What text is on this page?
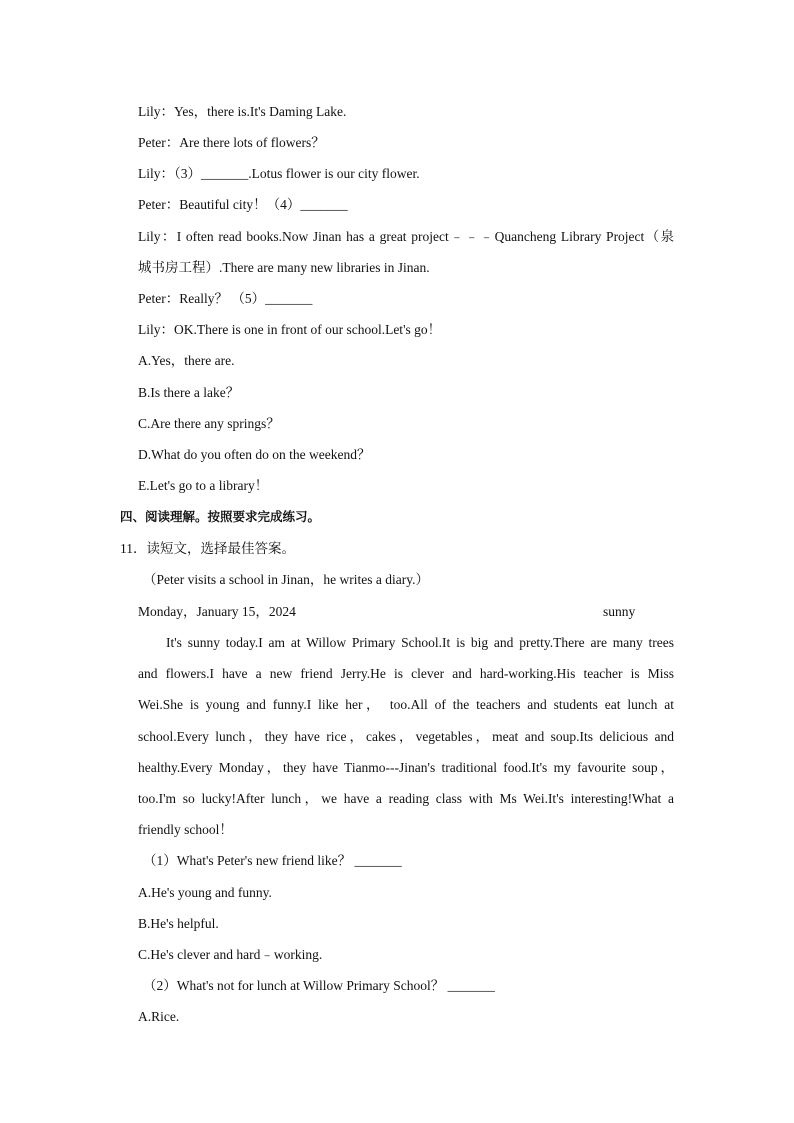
Lily：Yes，there is.It's Daming Lake.
Peter：Are there lots of flowers？
Lily：（3）_______.Lotus flower is our city flower.
Peter：Beautiful city！（4）_______
Lily：I often read books.Now Jinan has a great project﹣﹣﹣Quancheng Library Project（泉
城书房工程）.There are many new libraries in Jinan.
Peter：Really？ （5）_______
Lily：OK.There is one in front of our school.Let's go！
A.Yes，there are.
B.Is there a lake？
C.Are there any springs？
D.What do you often do on the weekend？
E.Let's go to a library！
四、阅读理解。按照要求完成练习。
11．读短文，选择最佳答案。
（Peter visits a school in Jinan，he writes a diary.）
Monday，January 15，2024	sunny
It's sunny today.I am at Willow Primary School.It is big and pretty.There are many trees
and flowers.I have a new friend Jerry.He is clever and hard-working.His teacher is Miss
Wei.She is young and funny.I like her， too.All of the teachers and students eat lunch at
school.Every lunch，they have rice，cakes，vegetables，meat and soup.Its delicious and
healthy.Every Monday，they have Tianmo---Jinan's traditional food.It's my favourite soup，
too.I'm so lucky!After lunch，we have a reading class with Ms Wei.It's interesting!What a
friendly school！
（1）What's Peter's new friend like？ _______
A.He's young and funny.
B.He's helpful.
C.He's clever and hard﹣working.
（2）What's not for lunch at Willow Primary School？ _______
A.Rice.
